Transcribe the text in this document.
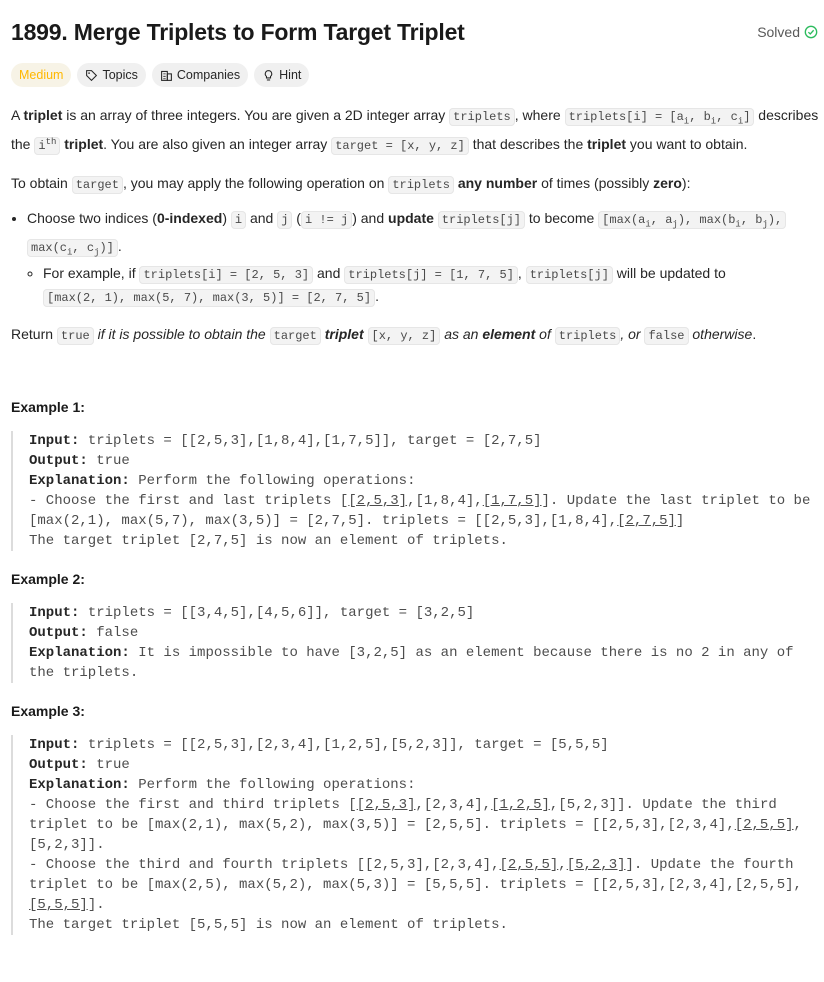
1899. Merge Triplets to Form Target Triplet	Solved
Medium	Topics	Companies	Hint

A triplet is an array of three integers. You are given a 2D integer array triplets , where triplets[i] = [$a_i$, $b_i$, $c_i$] describes the $i^{th}$ triplet. You are also given an integer array target = [x, y, z] that describes the triplet you want to obtain.

To obtain target , you may apply the following operation on triplets any number of times (possibly zero):

• Choose two indices (0-indexed) i and j ( i != j ) and update triplets[j] to become [$\max(a_i$, $a_j$), $\max(b_i$, $b_j$), $\max(c_i$, $c_j$)] .
◦ For example, if triplets[i] = [2, 5, 3] and triplets[j] = [1, 7, 5] , triplets[j] will be updated to [max(2, 1), max(5, 7), max(3, 5)] = [2, 7, 5] .

Return true if it is possible to obtain the target triplet [x, y, z] as an element of triplets , or false otherwise.

Example 1:
Input: triplets = [[2,5,3],[1,8,4],[1,7,5]], target = [2,7,5]
Output: true
Explanation: Perform the following operations:
- Choose the first and last triplets [[2,5,3],[1,8,4],[1,7,5]]. Update the last triplet to be
[max(2,1), max(5,7), max(3,5)] = [2,7,5]. triplets = [[2,5,3],[1,8,4],[2,7,5]]
The target triplet [2,7,5] is now an element of triplets.
Example 2:
Input: triplets = [[3,4,5],[4,5,6]], target = [3,2,5]
Output: false
Explanation: It is impossible to have [3,2,5] as an element because there is no 2 in any of
the triplets.
Example 3:
Input: triplets = [[2,5,3],[2,3,4],[1,2,5],[5,2,3]], target = [5,5,5]
Output: true
Explanation: Perform the following operations:
- Choose the first and third triplets [[2,5,3],[2,3,4],[1,2,5],[5,2,3]]. Update the third
triplet to be [max(2,1), max(5,2), max(3,5)] = [2,5,5]. triplets = [[2,5,3],[2,3,4],[2,5,5],
[5,2,3]].
- Choose the third and fourth triplets [[2,5,3],[2,3,4],[2,5,5],[5,2,3]]. Update the fourth
triplet to be [max(2,5), max(5,2), max(5,3)] = [5,5,5]. triplets = [[2,5,3],[2,3,4],[2,5,5],
[5,5,5]].
The target triplet [5,5,5] is now an element of triplets.
